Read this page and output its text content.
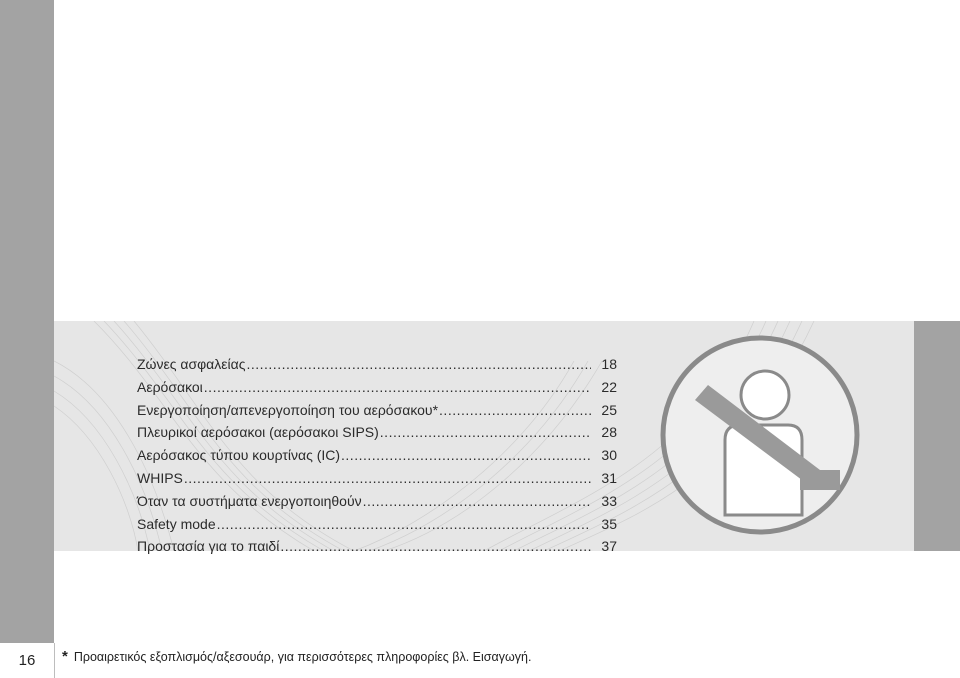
Ζώνες ασφαλείας .....	18
Αερόσακοι .....	22
Ενεργοποίηση/απενεργοποίηση του αερόσακου* .....	25
Πλευρικοί αερόσακοι (αερόσακοι SIPS) .....	28
Αερόσακος τύπου κουρτίνας (IC) .....	30
WHIPS .....	31
Όταν τα συστήματα ενεργοποιηθούν .....	33
Safety mode .....	35
Προστασία για το παιδί .....	37
16 * Προαιρετικός εξοπλισμός/αξεσουάρ, για περισσότερες πληροφορίες βλ. Εισαγωγή.
